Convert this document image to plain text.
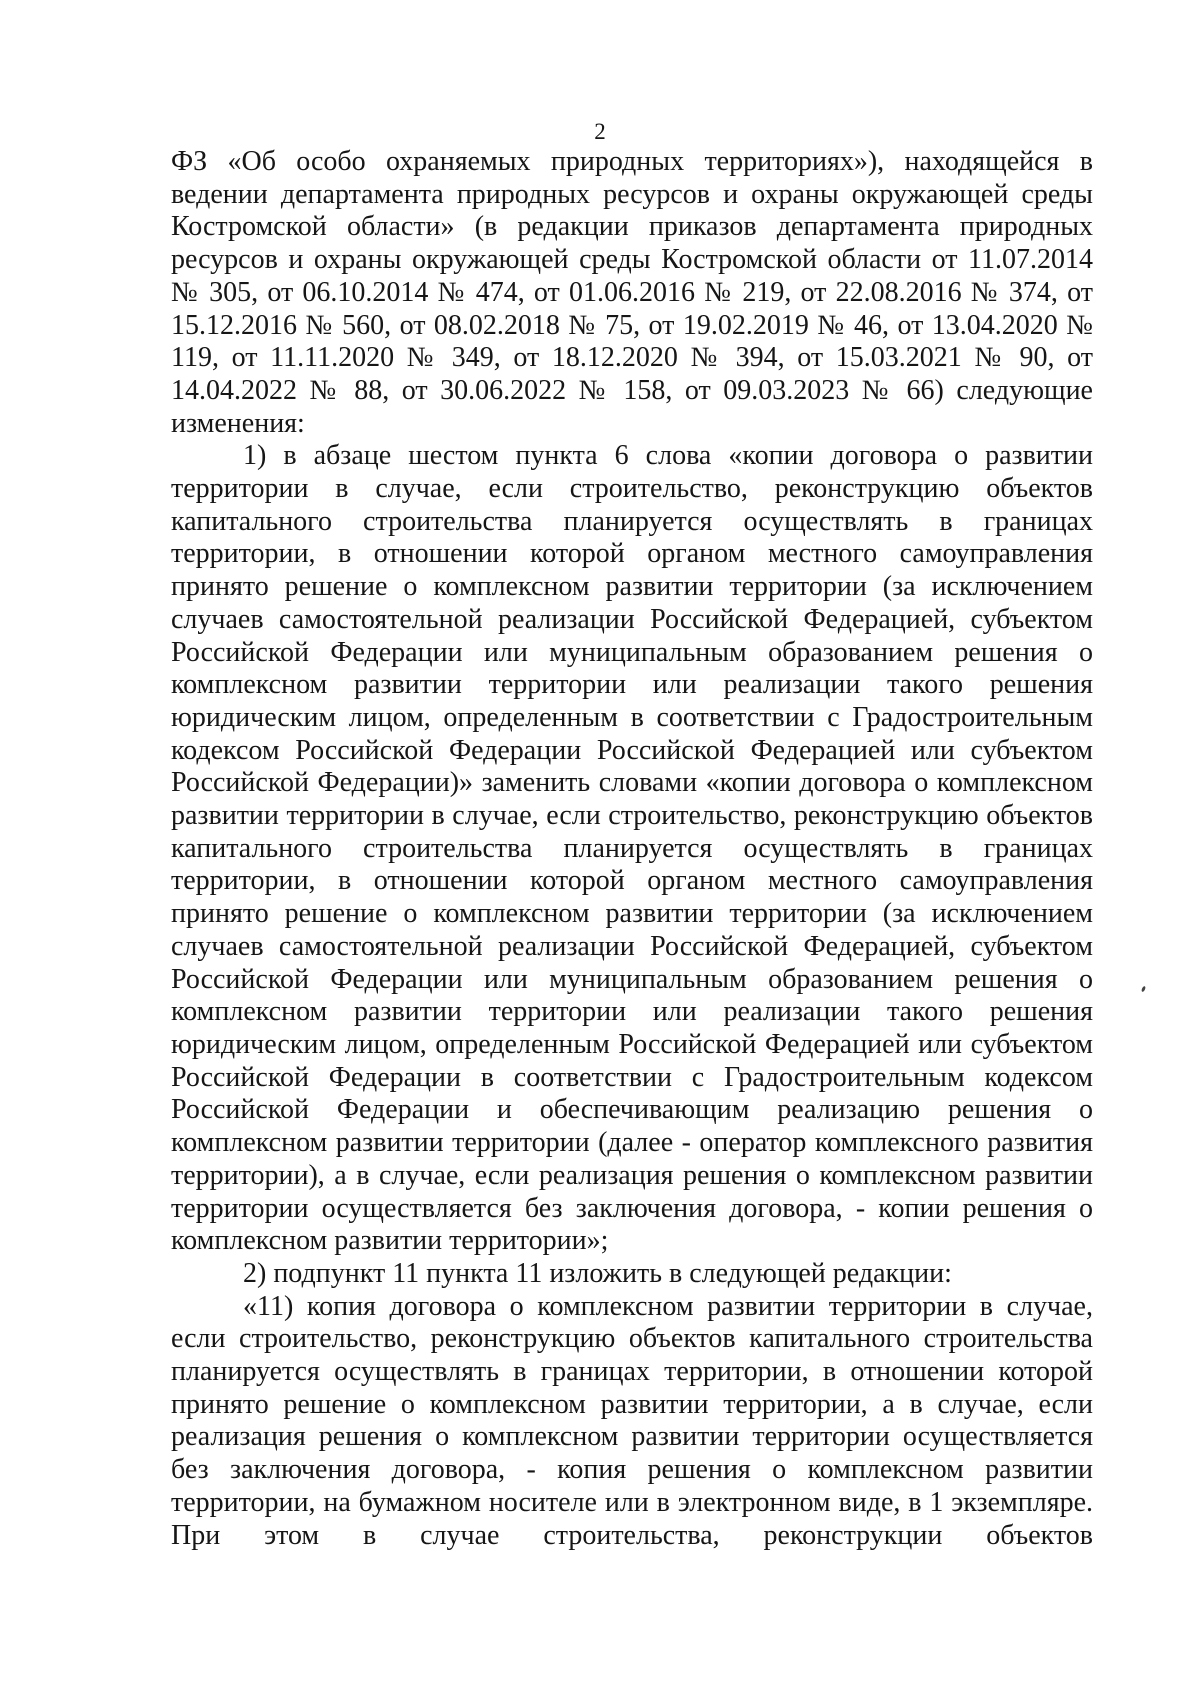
2

ФЗ «Об особо охраняемых природных территориях»), находящейся в ведении департамента природных ресурсов и охраны окружающей среды Костромской области» (в редакции приказов департамента природных ресурсов и охраны окружающей среды Костромской области от 11.07.2014 № 305, от 06.10.2014 № 474, от 01.06.2016 № 219, от 22.08.2016 № 374, от 15.12.2016 № 560, от 08.02.2018 № 75, от 19.02.2019 № 46, от 13.04.2020 № 119, от 11.11.2020 № 349, от 18.12.2020 № 394, от 15.03.2021 № 90, от 14.04.2022 № 88, от 30.06.2022 № 158, от 09.03.2023 № 66) следующие изменения:

1) в абзаце шестом пункта 6 слова «копии договора о развитии территории в случае, если строительство, реконструкцию объектов капитального строительства планируется осуществлять в границах территории, в отношении которой органом местного самоуправления принято решение о комплексном развитии территории (за исключением случаев самостоятельной реализации Российской Федерацией, субъектом Российской Федерации или муниципальным образованием решения о комплексном развитии территории или реализации такого решения юридическим лицом, определенным в соответствии с Градостроительным кодексом Российской Федерации Российской Федерацией или субъектом Российской Федерации)» заменить словами «копии договора о комплексном развитии территории в случае, если строительство, реконструкцию объектов капитального строительства планируется осуществлять в границах территории, в отношении которой органом местного самоуправления принято решение о комплексном развитии территории (за исключением случаев самостоятельной реализации Российской Федерацией, субъектом Российской Федерации или муниципальным образованием решения о комплексном развитии территории или реализации такого решения юридическим лицом, определенным Российской Федерацией или субъектом Российской Федерации в соответствии с Градостроительным кодексом Российской Федерации и обеспечивающим реализацию решения о комплексном развитии территории (далее - оператор комплексного развития территории), а в случае, если реализация решения о комплексном развитии территории осуществляется без заключения договора, - копии решения о комплексном развитии территории»;

2) подпункт 11 пункта 11 изложить в следующей редакции:

«11) копия договора о комплексном развитии территории в случае, если строительство, реконструкцию объектов капитального строительства планируется осуществлять в границах территории, в отношении которой принято решение о комплексном развитии территории, а в случае, если реализация решения о комплексном развитии территории осуществляется без заключения договора, - копия решения о комплексном развитии территории, на бумажном носителе или в электронном виде, в 1 экземпляре. При этом в случае строительства, реконструкции объектов
